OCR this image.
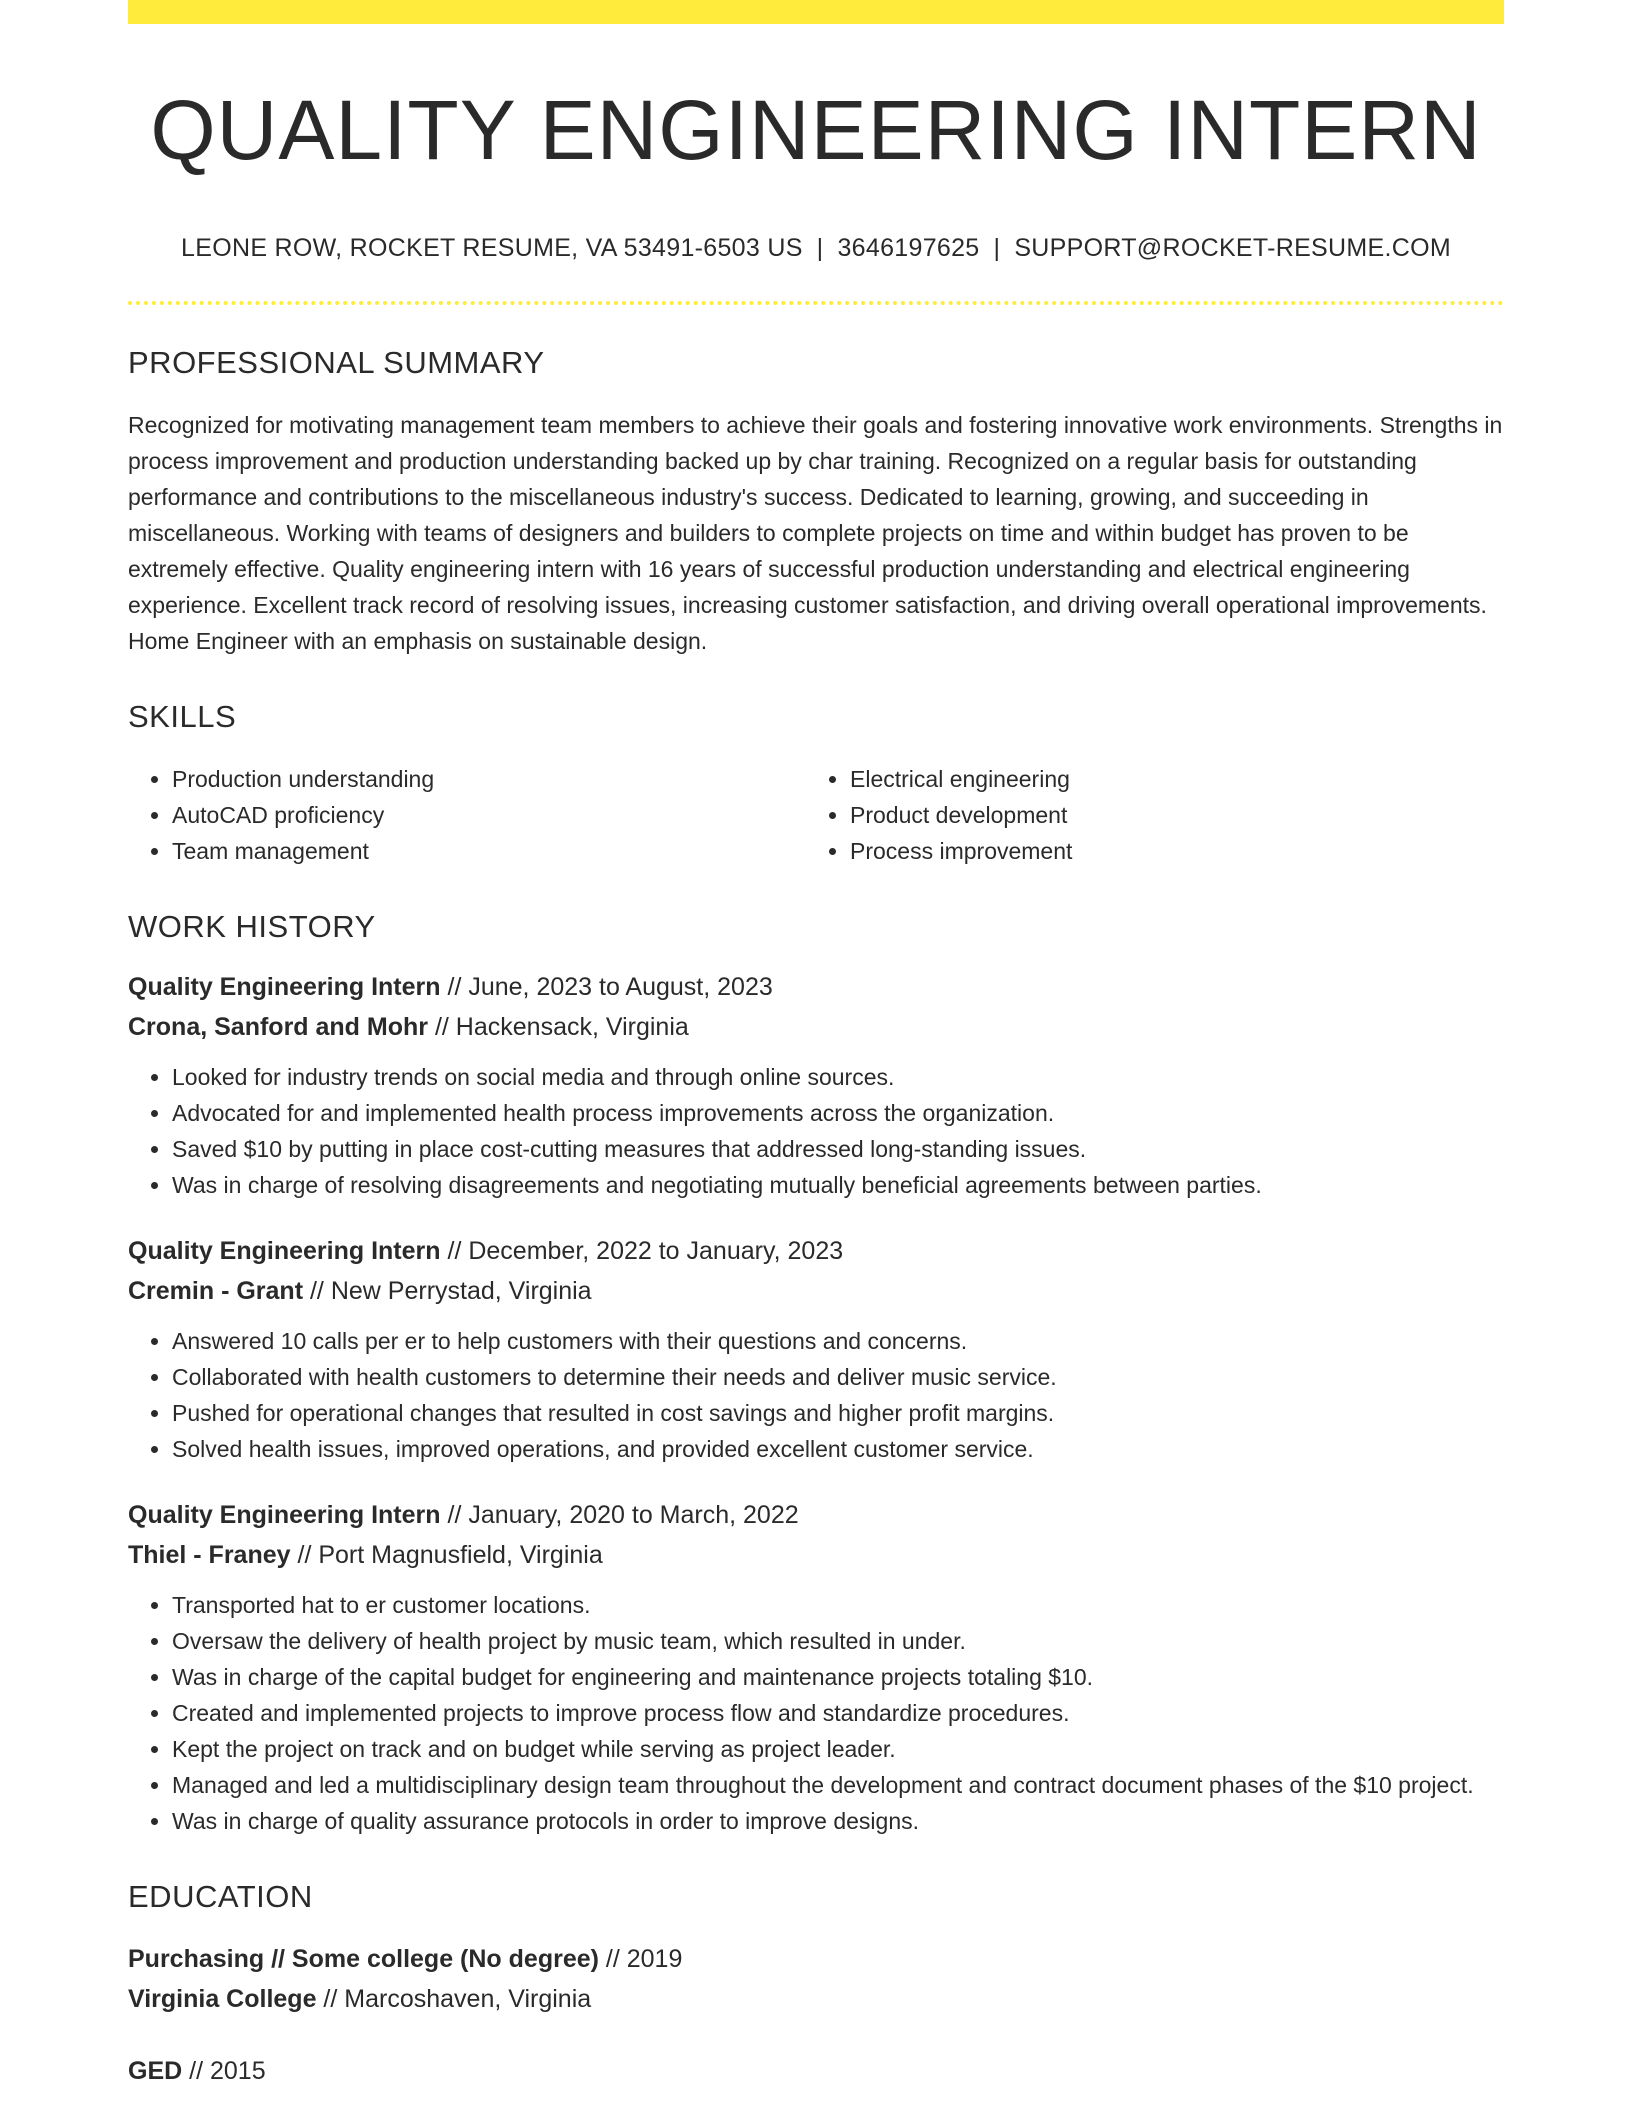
QUALITY ENGINEERING INTERN
LEONE ROW, ROCKET RESUME, VA 53491-6503 US | 3646197625 | SUPPORT@ROCKET-RESUME.COM
PROFESSIONAL SUMMARY

Recognized for motivating management team members to achieve their goals and fostering innovative work environments. Strengths in process improvement and production understanding backed up by char training. Recognized on a regular basis for outstanding performance and contributions to the miscellaneous industry's success. Dedicated to learning, growing, and succeeding in miscellaneous. Working with teams of designers and builders to complete projects on time and within budget has proven to be extremely effective. Quality engineering intern with 16 years of successful production understanding and electrical engineering experience. Excellent track record of resolving issues, increasing customer satisfaction, and driving overall operational improvements. Home Engineer with an emphasis on sustainable design.

SKILLS
• Production understanding
• AutoCAD proficiency
• Team management
• Electrical engineering
• Product development
• Process improvement
WORK HISTORY
Quality Engineering Intern // June, 2023 to August, 2023
Crona, Sanford and Mohr // Hackensack, Virginia
• Looked for industry trends on social media and through online sources.
• Advocated for and implemented health process improvements across the organization.
• Saved $10 by putting in place cost-cutting measures that addressed long-standing issues.
• Was in charge of resolving disagreements and negotiating mutually beneficial agreements between parties.
Quality Engineering Intern // December, 2022 to January, 2023
Cremin - Grant // New Perrystad, Virginia
• Answered 10 calls per er to help customers with their questions and concerns.
• Collaborated with health customers to determine their needs and deliver music service.
• Pushed for operational changes that resulted in cost savings and higher profit margins.
• Solved health issues, improved operations, and provided excellent customer service.
Quality Engineering Intern // January, 2020 to March, 2022
Thiel - Franey // Port Magnusfield, Virginia
• Transported hat to er customer locations.
• Oversaw the delivery of health project by music team, which resulted in under.
• Was in charge of the capital budget for engineering and maintenance projects totaling $10.
• Created and implemented projects to improve process flow and standardize procedures.
• Kept the project on track and on budget while serving as project leader.
• Managed and led a multidisciplinary design team throughout the development and contract document phases of the $10 project.
• Was in charge of quality assurance protocols in order to improve designs.
EDUCATION
Purchasing // Some college (No degree) // 2019
Virginia College // Marcoshaven, Virginia
GED // 2015
